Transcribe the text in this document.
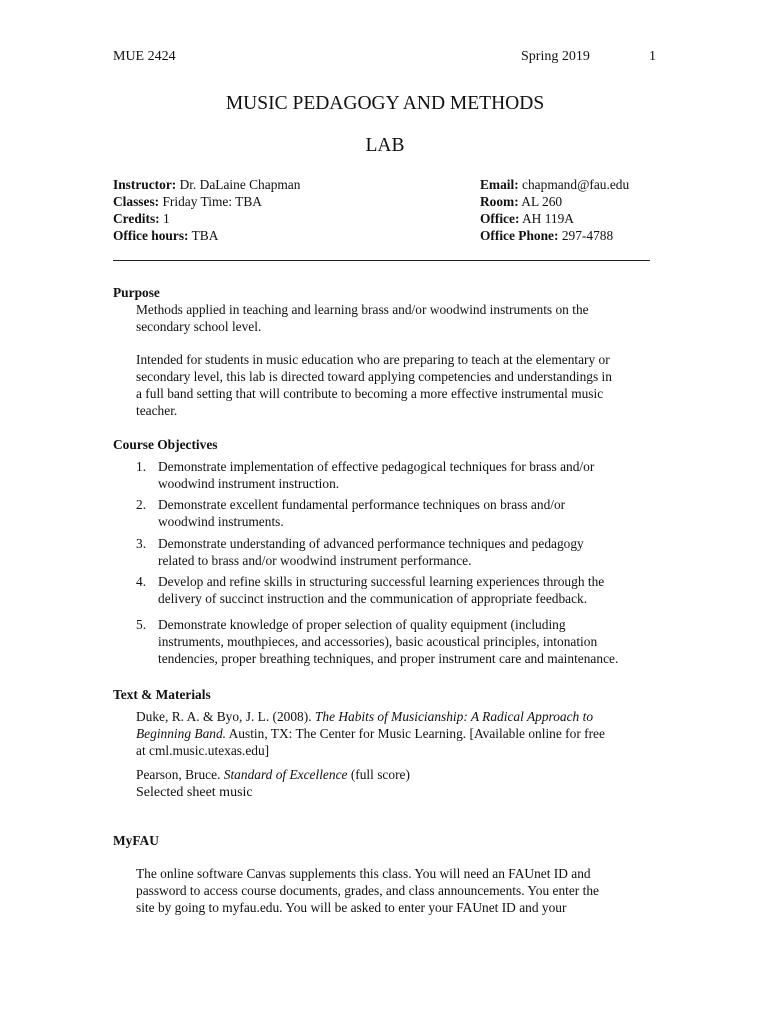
MUE 2424	Spring 2019	1
MUSIC PEDAGOGY AND METHODS
LAB
Instructor: Dr. DaLaine Chapman
Classes: Friday Time: TBA
Credits: 1
Office hours: TBA
Email: chapmand@fau.edu
Room: AL 260
Office: AH 119A
Office Phone: 297-4788
Purpose
Methods applied in teaching and learning brass and/or woodwind instruments on the
secondary school level.
Intended for students in music education who are preparing to teach at the elementary or
secondary level, this lab is directed toward applying competencies and understandings in
a full band setting that will contribute to becoming a more effective instrumental music
teacher.
Course Objectives
1. Demonstrate implementation of effective pedagogical techniques for brass and/or
woodwind instrument instruction.
2. Demonstrate excellent fundamental performance techniques on brass and/or
woodwind instruments.
3. Demonstrate understanding of advanced performance techniques and pedagogy
related to brass and/or woodwind instrument performance.
4. Develop and refine skills in structuring successful learning experiences through the
delivery of succinct instruction and the communication of appropriate feedback.
5. Demonstrate knowledge of proper selection of quality equipment (including
instruments, mouthpieces, and accessories), basic acoustical principles, intonation
tendencies, proper breathing techniques, and proper instrument care and maintenance.
Text & Materials
Duke, R. A. & Byo, J. L. (2008). The Habits of Musicianship: A Radical Approach to
Beginning Band. Austin, TX: The Center for Music Learning. [Available online for free
at cml.music.utexas.edu]
Pearson, Bruce. Standard of Excellence (full score)
Selected sheet music
MyFAU
The online software Canvas supplements this class. You will need an FAUnet ID and
password to access course documents, grades, and class announcements. You enter the
site by going to myfau.edu. You will be asked to enter your FAUnet ID and your
